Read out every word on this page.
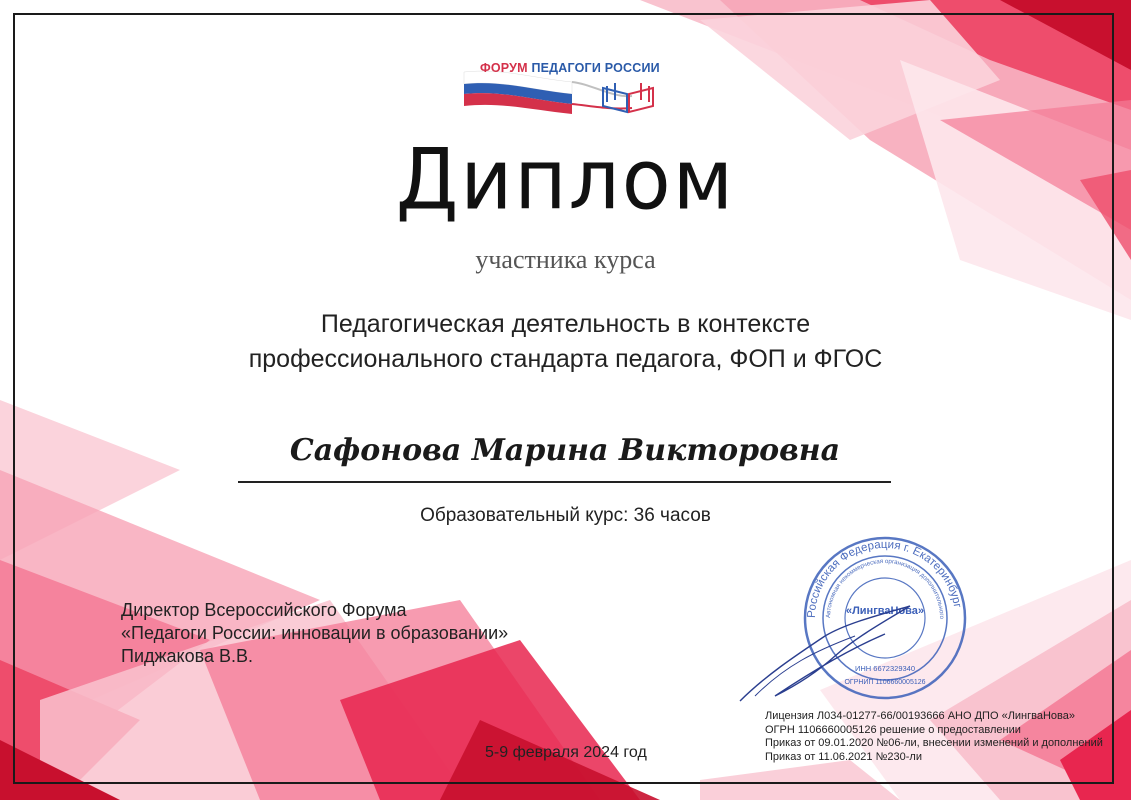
ФОРУМ ПЕДАГОГИ РОССИИ
Диплом
участника курса
Педагогическая деятельность в контексте
профессионального стандарта педагога, ФОП и ФГОС
Сафонова Марина Викторовна
Образовательный курс: 36 часов
Директор Всероссийского Форума
«Педагоги России: инновации в образовании»
Пиджакова В.В.
Российская Федерация г. Екатеринбург
Автономная некоммерческая организация дополнительного
«ЛингваНова»
ИНН 6672329340
ОГРНИП 1106660005126
Лицензия Л034-01277-66/00193666 АНО ДПО «ЛингваНова»
ОГРН 1106660005126 решение о предоставлении
Приказ от 09.01.2020 №06-ли, внесении изменений и дополнений
Приказ от 11.06.2021 №230-ли
5-9 февраля 2024 год
